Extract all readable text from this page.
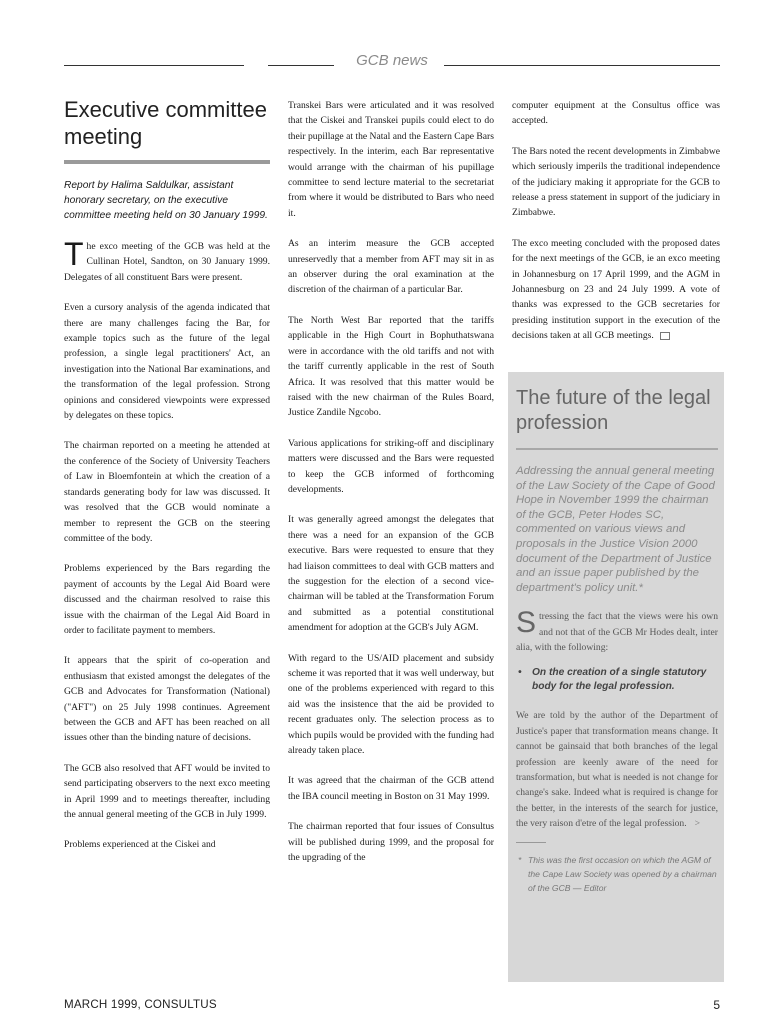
GCB news
Executive committee meeting
Report by Halima Saldulkar, assistant honorary secretary, on the executive committee meeting held on 30 January 1999.

The exco meeting of the GCB was held at the Cullinan Hotel, Sandton, on 30 January 1999. Delegates of all constituent Bars were present.

Even a cursory analysis of the agenda indicated that there are many challenges facing the Bar, for example topics such as the future of the legal profession, a single legal practitioners' Act, an investigation into the National Bar examinations, and the transformation of the legal profession. Strong opinions and considered viewpoints were expressed by delegates on these topics.

The chairman reported on a meeting he attended at the conference of the Society of University Teachers of Law in Bloemfontein at which the creation of a standards generating body for law was discussed. It was resolved that the GCB would nominate a member to represent the GCB on the steering committee of the body.

Problems experienced by the Bars regarding the payment of accounts by the Legal Aid Board were discussed and the chairman resolved to raise this issue with the chairman of the Legal Aid Board in order to facilitate payment to members.

It appears that the spirit of co-operation and enthusiasm that existed amongst the delegates of the GCB and Advocates for Transformation (National) ("AFT") on 25 July 1998 continues. Agreement between the GCB and AFT has been reached on all issues other than the binding nature of decisions.

The GCB also resolved that AFT would be invited to send participating observers to the next exco meeting in April 1999 and to meetings thereafter, including the annual general meeting of the GCB in July 1999.

Problems experienced at the Ciskei and

Transkei Bars were articulated and it was resolved that the Ciskei and Transkei pupils could elect to do their pupillage at the Natal and the Eastern Cape Bars respectively. In the interim, each Bar representative would arrange with the chairman of his pupillage committee to send lecture material to the secretariat from where it would be distributed to Bars who need it.

As an interim measure the GCB accepted unreservedly that a member from AFT may sit in as an observer during the oral examination at the discretion of the chairman of a particular Bar.

The North West Bar reported that the tariffs applicable in the High Court in Bophuthatswana were in accordance with the old tariffs and not with the tariff currently applicable in the rest of South Africa. It was resolved that this matter would be raised with the new chairman of the Rules Board, Justice Zandile Ngcobo.

Various applications for striking-off and disciplinary matters were discussed and the Bars were requested to keep the GCB informed of forthcoming developments.

It was generally agreed amongst the delegates that there was a need for an expansion of the GCB executive. Bars were requested to ensure that they had liaison committees to deal with GCB matters and the suggestion for the election of a second vice-chairman will be tabled at the Transformation Forum and submitted as a potential constitutional amendment for adoption at the GCB's July AGM.

With regard to the US/AID placement and subsidy scheme it was reported that it was well underway, but one of the problems experienced with regard to this aid was the insistence that the aid be provided to recent graduates only. The selection process as to which pupils would be provided with the funding had already taken place.

It was agreed that the chairman of the GCB attend the IBA council meeting in Boston on 31 May 1999.

The chairman reported that four issues of Consultus will be published during 1999, and the proposal for the upgrading of the

computer equipment at the Consultus office was accepted.

The Bars noted the recent developments in Zimbabwe which seriously imperils the traditional independence of the judiciary making it appropriate for the GCB to release a press statement in support of the judiciary in Zimbabwe.

The exco meeting concluded with the proposed dates for the next meetings of the GCB, ie an exco meeting in Johannesburg on 17 April 1999, and the AGM in Johannesburg on 23 and 24 July 1999. A vote of thanks was expressed to the GCB secretaries for presiding institution support in the execution of the decisions taken at all GCB meetings.

The future of the legal profession
Addressing the annual general meeting of the Law Society of the Cape of Good Hope in November 1999 the chairman of the GCB, Peter Hodes SC, commented on various views and proposals in the Justice Vision 2000 document of the Department of Justice and an issue paper published by the department's policy unit.*

Stressing the fact that the views were his own and not that of the GCB Mr Hodes dealt, inter alia, with the following:

• On the creation of a single statutory body for the legal profession.

We are told by the author of the Department of Justice's paper that transformation means change. It cannot be gainsaid that both branches of the legal profession are keenly aware of the need for transformation, but what is needed is not change for change's sake. Indeed what is required is change for the better, in the interests of the search for justice, the very raison d'etre of the legal profession. >

* This was the first occasion on which the AGM of the Cape Law Society was opened by a chairman of the GCB — Editor
MARCH 1999, CONSULTUS	5
